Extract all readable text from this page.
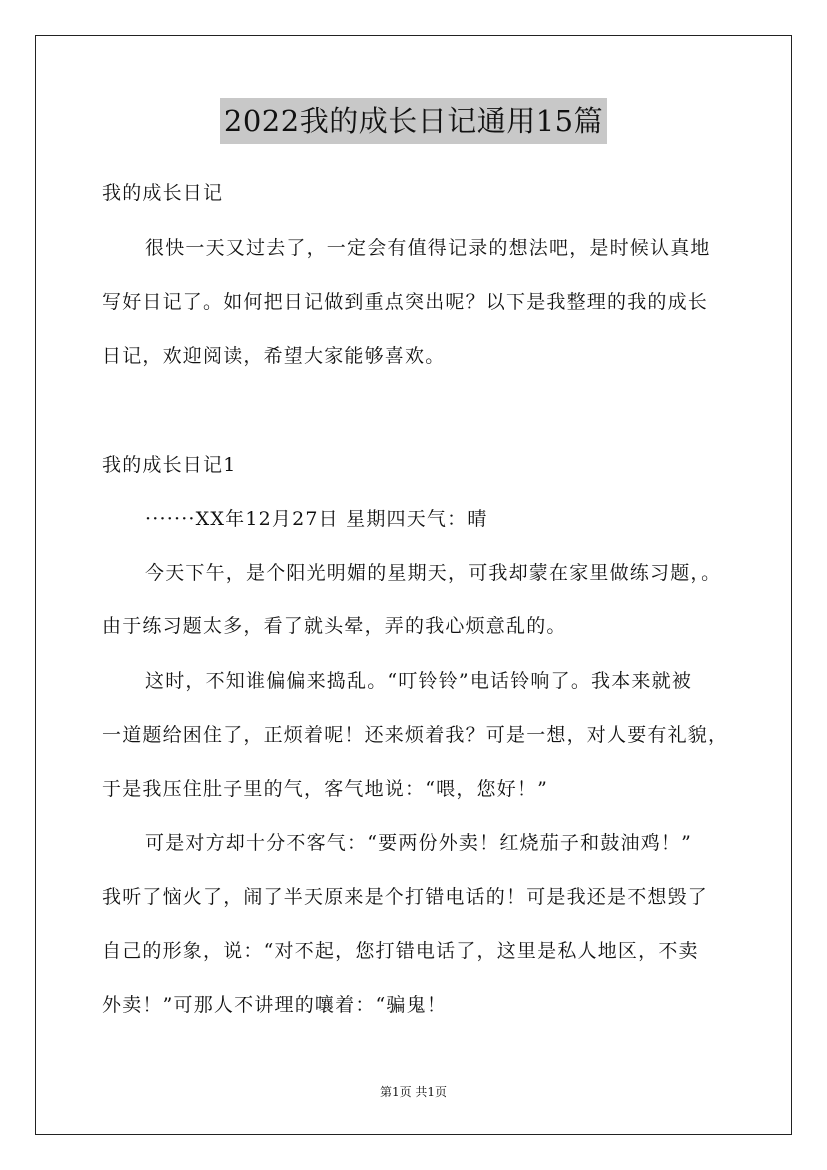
2022我的成长日记通用15篇
我的成长日记
很快一天又过去了，一定会有值得记录的想法吧，是时候认真地
写好日记了。如何把日记做到重点突出呢？以下是我整理的我的成长
日记，欢迎阅读，希望大家能够喜欢。
我的成长日记1
·······XX年12月27日 星期四天气：晴
今天下午，是个阳光明媚的星期天，可我却蒙在家里做练习题，。
由于练习题太多，看了就头晕，弄的我心烦意乱的。
这时，不知谁偏偏来捣乱。“叮铃铃”电话铃响了。我本来就被
一道题给困住了，正烦着呢！还来烦着我？可是一想，对人要有礼貌，
于是我压住肚子里的气，客气地说：“喂，您好！”
可是对方却十分不客气：“要两份外卖！红烧茄子和鼓油鸡！”
我听了恼火了，闹了半天原来是个打错电话的！可是我还是不想毁了
自己的形象，说：“对不起，您打错电话了，这里是私人地区，不卖
外卖！”可那人不讲理的嚷着：“骗鬼！
第1页 共1页
